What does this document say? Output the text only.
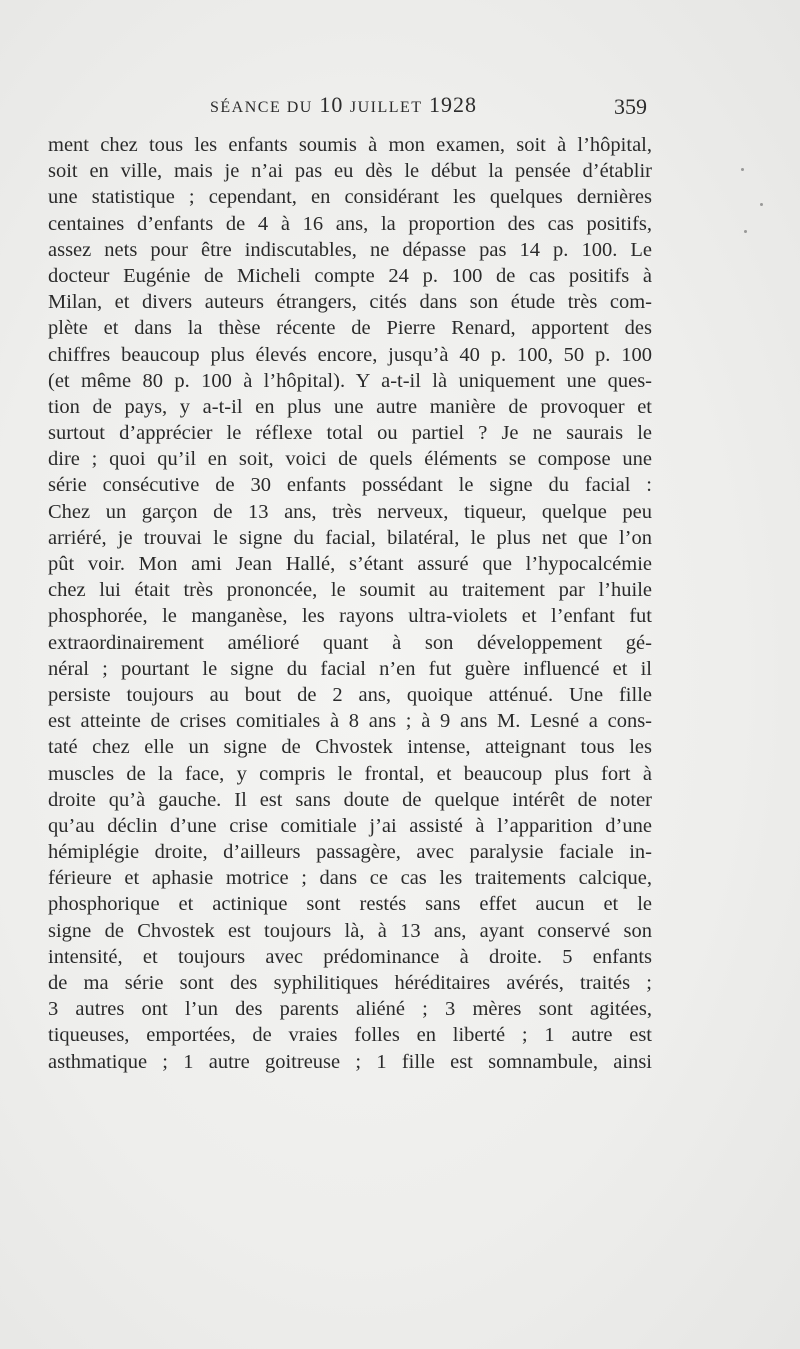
SÉANCE DU 10 JUILLET 1928	359
ment chez tous les enfants soumis à mon examen, soit à l’hôpital,
soit en ville, mais je n’ai pas eu dès le début la pensée d’établir
une statistique ; cependant, en considérant les quelques dernières
centaines d’enfants de 4 à 16 ans, la proportion des cas positifs,
assez nets pour être indiscutables, ne dépasse pas 14 p. 100. Le
docteur Eugénie de Micheli compte 24 p. 100 de cas positifs à
Milan, et divers auteurs étrangers, cités dans son étude très com-
plète et dans la thèse récente de Pierre Renard, apportent des
chiffres beaucoup plus élevés encore, jusqu’à 40 p. 100, 50 p. 100
(et même 80 p. 100 à l’hôpital). Y a-t-il là uniquement une ques-
tion de pays, y a-t-il en plus une autre manière de provoquer et
surtout d’apprécier le réflexe total ou partiel ? Je ne saurais le
dire ; quoi qu’il en soit, voici de quels éléments se compose une
série consécutive de 30 enfants possédant le signe du facial :
Chez un garçon de 13 ans, très nerveux, tiqueur, quelque peu
arriéré, je trouvai le signe du facial, bilatéral, le plus net que l’on
pût voir. Mon ami Jean Hallé, s’étant assuré que l’hypocalcémie
chez lui était très prononcée, le soumit au traitement par l’huile
phosphorée, le manganèse, les rayons ultra-violets et l’enfant fut
extraordinairement amélioré quant à son développement gé-
néral ; pourtant le signe du facial n’en fut guère influencé et il
persiste toujours au bout de 2 ans, quoique atténué. Une fille
est atteinte de crises comitiales à 8 ans ; à 9 ans M. Lesné a cons-
taté chez elle un signe de Chvostek intense, atteignant tous les
muscles de la face, y compris le frontal, et beaucoup plus fort à
droite qu’à gauche. Il est sans doute de quelque intérêt de noter
qu’au déclin d’une crise comitiale j’ai assisté à l’apparition d’une
hémiplégie droite, d’ailleurs passagère, avec paralysie faciale in-
férieure et aphasie motrice ; dans ce cas les traitements calcique,
phosphorique et actinique sont restés sans effet aucun et le
signe de Chvostek est toujours là, à 13 ans, ayant conservé son
intensité, et toujours avec prédominance à droite. 5 enfants
de ma série sont des syphilitiques héréditaires avérés, traités ;
3 autres ont l’un des parents aliéné ; 3 mères sont agitées,
tiqueuses, emportées, de vraies folles en liberté ; 1 autre est
asthmatique ; 1 autre goitreuse ; 1 fille est somnambule, ainsi
